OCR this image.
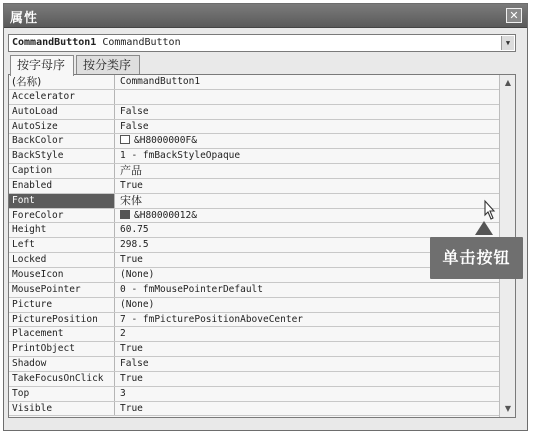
属性	✕
CommandButton1 CommandButton	▼
按字母序	按分类序
(名称)	CommandButton1
Accelerator
AutoLoad	False
AutoSize	False
BackColor	&H8000000F&
BackStyle	1 - fmBackStyleOpaque
Caption	产品
Enabled	True
Font	宋体
ForeColor	&H80000012&
Height	60.75
Left	298.5
Locked	True
MouseIcon	(None)
MousePointer	0 - fmMousePointerDefault
Picture	(None)
PicturePosition	7 - fmPicturePositionAboveCenter
Placement	2
PrintObject	True
Shadow	False
TakeFocusOnClick	True
Top	3
Visible	True
▲
▼
单击按钮
